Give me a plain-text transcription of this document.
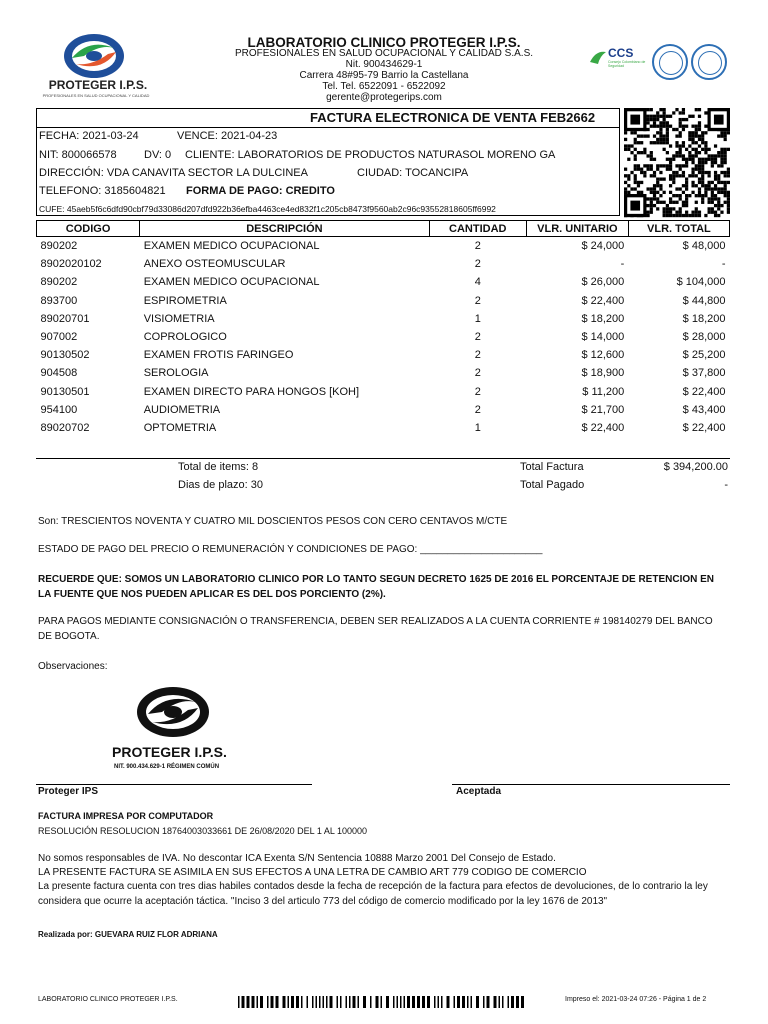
PROTEGER I.P.S.
PROFESIONALES EN SALUD OCUPACIONAL Y CALIDAD
LABORATORIO CLINICO PROTEGER I.P.S.
PROFESIONALES EN SALUD OCUPACIONAL Y CALIDAD S.A.S.
Nit. 900434629-1
Carrera 48#95-79 Barrio la Castellana
Tel. Tel. 6522091 - 6522092
gerente@protegerips.com
CCS
Consejo Colombiano de Seguridad
FACTURA ELECTRONICA DE VENTA FEB2662
FECHA: 2021-03-24	VENCE: 2021-04-23
NIT: 800066578 DV: 0 CLIENTE: LABORATORIOS DE PRODUCTOS NATURASOL MORENO GA
DIRECCIÓN: VDA CANAVITA SECTOR LA DULCINEA	CIUDAD: TOCANCIPA
TELEFONO: 3185604821 FORMA DE PAGO: CREDITO
CUFE: 45aeb5f6c6dfd90cbf79d33086d207dfd922b36efba4463ce4ed832f1c205cb8473f9560ab2c96c93552818605ff6992
CODIGO	DESCRIPCIÓN	CANTIDAD	VLR. UNITARIO	VLR. TOTAL
890202	EXAMEN MEDICO OCUPACIONAL	2	$ 24,000	$ 48,000
8902020102	ANEXO OSTEOMUSCULAR	2	-	-
890202	EXAMEN MEDICO OCUPACIONAL	4	$ 26,000	$ 104,000
893700	ESPIROMETRIA	2	$ 22,400	$ 44,800
89020701	VISIOMETRIA	1	$ 18,200	$ 18,200
907002	COPROLOGICO	2	$ 14,000	$ 28,000
90130502	EXAMEN FROTIS FARINGEO	2	$ 12,600	$ 25,200
904508	SEROLOGIA	2	$ 18,900	$ 37,800
90130501	EXAMEN DIRECTO PARA HONGOS [KOH]	2	$ 11,200	$ 22,400
954100	AUDIOMETRIA	2	$ 21,700	$ 43,400
89020702	OPTOMETRIA	1	$ 22,400	$ 22,400
Total de items: 8
Dias de plazo: 30
Total Factura	$ 394,200.00
Total Pagado	-
Son: TRESCIENTOS NOVENTA Y CUATRO MIL DOSCIENTOS PESOS CON CERO CENTAVOS M/CTE
ESTADO DE PAGO DEL PRECIO O REMUNERACIÓN Y CONDICIONES DE PAGO: ______________________
RECUERDE QUE: SOMOS UN LABORATORIO CLINICO POR LO TANTO SEGUN DECRETO 1625 DE 2016 EL PORCENTAJE DE RETENCION EN LA FUENTE QUE NOS PUEDEN APLICAR ES DEL DOS PORCIENTO (2%).
PARA PAGOS MEDIANTE CONSIGNACIÓN O TRANSFERENCIA, DEBEN SER REALIZADOS A LA CUENTA CORRIENTE # 198140279 DEL BANCO DE BOGOTA.
Observaciones:
PROTEGER I.P.S.
NIT. 900.434.629-1 RÉGIMEN COMÚN
Proteger IPS	Aceptada
FACTURA IMPRESA POR COMPUTADOR
RESOLUCIÓN RESOLUCION 18764003033661 DE 26/08/2020 DEL 1 AL 100000
No somos responsables de IVA. No descontar ICA Exenta S/N Sentencia 10888 Marzo 2001 Del Consejo de Estado.
LA PRESENTE FACTURA SE ASIMILA EN SUS EFECTOS A UNA LETRA DE CAMBIO ART 779 CODIGO DE COMERCIO
La presente factura cuenta con tres dias habiles contados desde la fecha de recepción de la factura para efectos de devoluciones, de lo contrario la ley considera que ocurre la aceptación táctica. "Inciso 3 del articulo 773 del código de comercio modificado por la ley 1676 de 2013"
Realizada por: GUEVARA RUIZ FLOR ADRIANA
LABORATORIO CLINICO PROTEGER I.P.S.	Impreso el: 2021-03-24 07:26 - Página 1 de 2
